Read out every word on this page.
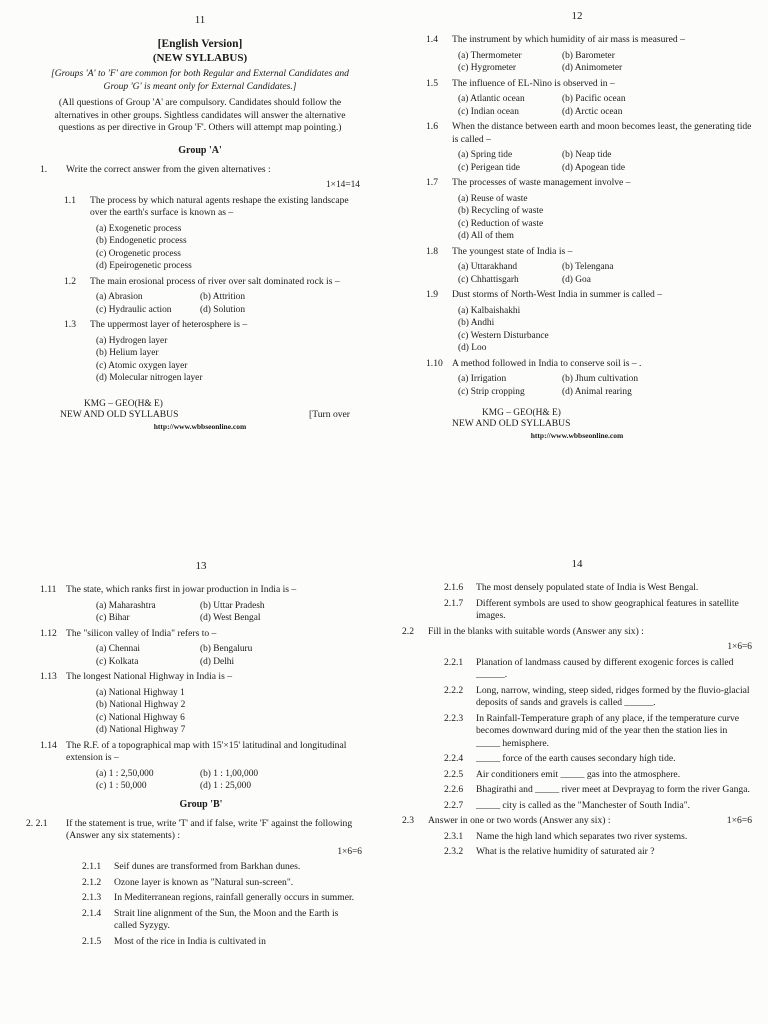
11
[English Version]
(NEW SYLLABUS)
[Groups 'A' to 'F' are common for both Regular and External Candidates and Group 'G' is meant only for External Candidates.]
(All questions of Group 'A' are compulsory. Candidates should follow the alternatives in other groups. Sightless candidates will answer the alternative questions as per directive in Group 'F'. Others will attempt map pointing.)
Group 'A'
1.	Write the correct answer from the given alternatives :
1×14=14
1.1	The process by which natural agents reshape the existing landscape over the earth's surface is known as –
(a) Exogenetic process
(b) Endogenetic process
(c) Orogenetic process
(d) Epeirogenetic process
1.2	The main erosional process of river over salt dominated rock is –
(a) Abrasion	(b) Attrition
(c) Hydraulic action	(d) Solution
1.3	The uppermost layer of heterosphere is –
(a) Hydrogen layer
(b) Helium layer
(c) Atomic oxygen layer
(d) Molecular nitrogen layer
KMG – GEO(H& E)
NEW AND OLD SYLLABUS	[Turn over
http://www.wbbseonline.com
12
1.4	The instrument by which humidity of air mass is measured –
(a) Thermometer	(b) Barometer
(c) Hygrometer	(d) Animometer
1.5	The influence of EL-Nino is observed in –
(a) Atlantic ocean	(b) Pacific ocean
(c) Indian ocean	(d) Arctic ocean
1.6	When the distance between earth and moon becomes least, the generating tide is called –
(a) Spring tide	(b) Neap tide
(c) Perigean tide	(d) Apogean tide
1.7	The processes of waste management involve –
(a) Reuse of waste
(b) Recycling of waste
(c) Reduction of waste
(d) All of them
1.8	The youngest state of India is –
(a) Uttarakhand	(b) Telengana
(c) Chhattisgarh	(d) Goa
1.9	Dust storms of North-West India in summer is called –
(a) Kalbaishakhi
(b) Andhi
(c) Western Disturbance
(d) Loo
1.10 A method followed in India to conserve soil is – .
(a) Irrigation	(b) Jhum cultivation
(c) Strip cropping	(d) Animal rearing
KMG – GEO(H& E)
NEW AND OLD SYLLABUS
http://www.wbbseonline.com
13
1.11 The state, which ranks first in jowar production in India is –
(a) Maharashtra	(b) Uttar Pradesh
(c) Bihar	(d) West Bengal
1.12 The "silicon valley of India" refers to –
(a) Chennai	(b) Bengaluru
(c) Kolkata	(d) Delhi
1.13 The longest National Highway in India is –
(a) National Highway 1
(b) National Highway 2
(c) National Highway 6
(d) National Highway 7
1.14 The R.F. of a topographical map with 15'×15' latitudinal and longitudinal extension is –
(a) 1 : 2,50,000	(b) 1 : 1,00,000
(c) 1 : 50,000	(d) 1 : 25,000
Group 'B'
2. 2.1	If the statement is true, write 'T' and if false, write 'F' against the following (Answer any six statements) :
1×6=6
2.1.1	Seif dunes are transformed from Barkhan dunes.
2.1.2	Ozone layer is known as "Natural sun-screen".
2.1.3	In Mediterranean regions, rainfall generally occurs in summer.
2.1.4	Strait line alignment of the Sun, the Moon and the Earth is called Syzygy.
2.1.5	Most of the rice in India is cultivated in
14
2.1.6	The most densely populated state of India is West Bengal.
2.1.7	Different symbols are used to show geographical features in satellite images.
2.2	Fill in the blanks with suitable words (Answer any six) :
1×6=6
2.2.1	Planation of landmass caused by different exogenic forces is called ______.
2.2.2	Long, narrow, winding, steep sided, ridges formed by the fluvio-glacial deposits of sands and gravels is called ______.
2.2.3	In Rainfall-Temperature graph of any place, if the temperature curve becomes downward during mid of the year then the station lies in _____ hemisphere.
2.2.4	_____ force of the earth causes secondary high tide.
2.2.5	Air conditioners emit _____ gas into the atmosphere.
2.2.6	Bhagirathi and _____ river meet at Devprayag to form the river Ganga.
2.2.7	_____ city is called as the "Manchester of South India".
2.3	Answer in one or two words (Answer any six) :	1×6=6
2.3.1	Name the high land which separates two river systems.
2.3.2	What is the relative humidity of saturated air ?
